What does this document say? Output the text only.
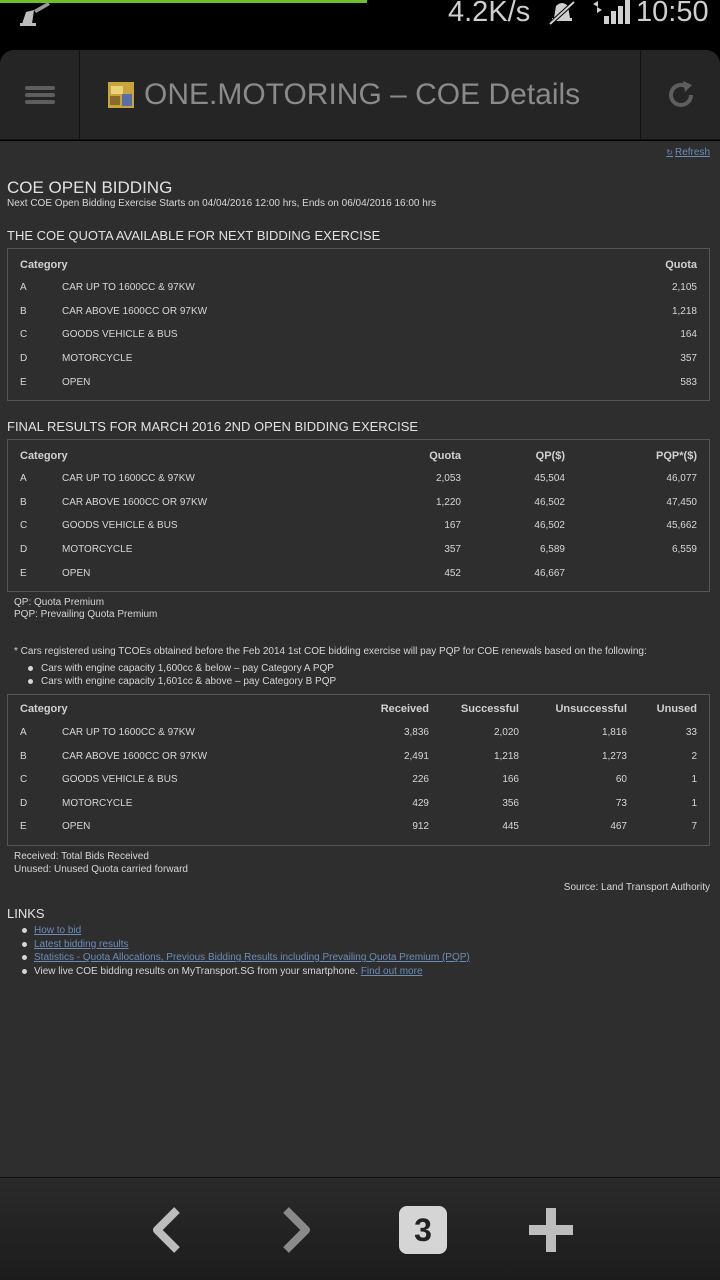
4.2K/s	10:50
ONE.MOTORING – COE Details
↻ Refresh
COE OPEN BIDDING
Next COE Open Bidding Exercise Starts on 04/04/2016 12:00 hrs, Ends on 06/04/2016 16:00 hrs
THE COE QUOTA AVAILABLE FOR NEXT BIDDING EXERCISE
Category	Quota
A	CAR UP TO 1600CC & 97KW	2,105
B	CAR ABOVE 1600CC OR 97KW	1,218
C	GOODS VEHICLE & BUS	164
D	MOTORCYCLE	357
E	OPEN	583
FINAL RESULTS FOR MARCH 2016 2ND OPEN BIDDING EXERCISE
Category	Quota	QP($)	PQP*($)
A	CAR UP TO 1600CC & 97KW	2,053	45,504	46,077
B	CAR ABOVE 1600CC OR 97KW	1,220	46,502	47,450
C	GOODS VEHICLE & BUS	167	46,502	45,662
D	MOTORCYCLE	357	6,589	6,559
E	OPEN	452	46,667
QP: Quota Premium
PQP: Prevailing Quota Premium
* Cars registered using TCOEs obtained before the Feb 2014 1st COE bidding exercise will pay PQP for COE renewals based on the following:
Cars with engine capacity 1,600cc & below – pay Category A PQP
Cars with engine capacity 1,601cc & above – pay Category B PQP
Category	Received	Successful	Unsuccessful	Unused
A	CAR UP TO 1600CC & 97KW	3,836	2,020	1,816	33
B	CAR ABOVE 1600CC OR 97KW	2,491	1,218	1,273	2
C	GOODS VEHICLE & BUS	226	166	60	1
D	MOTORCYCLE	429	356	73	1
E	OPEN	912	445	467	7
Received: Total Bids Received
Unused: Unused Quota carried forward
Source: Land Transport Authority
LINKS
How to bid
Latest bidding results
Statistics - Quota Allocations, Previous Bidding Results including Prevailing Quota Premium (PQP)
View live COE bidding results on MyTransport.SG from your smartphone. Find out more
3
